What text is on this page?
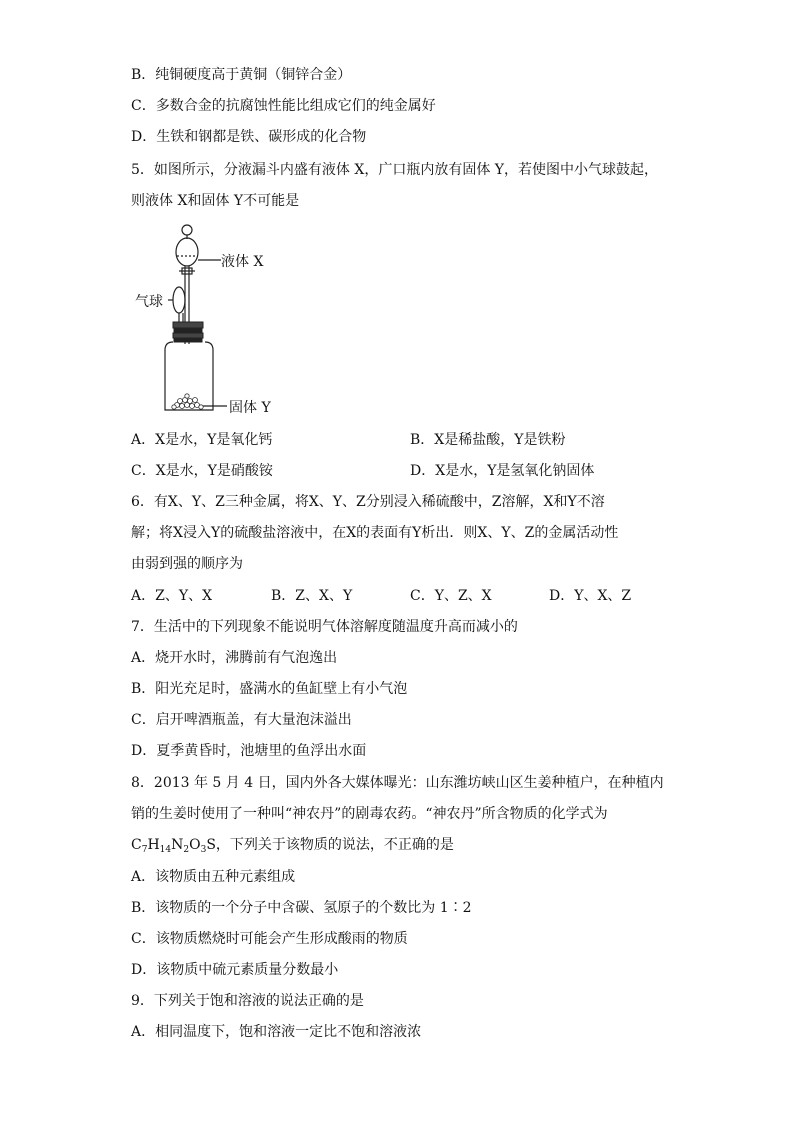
B．纯铜硬度高于黄铜（铜锌合金）
C．多数合金的抗腐蚀性能比组成它们的纯金属好
D．生铁和钢都是铁、碳形成的化合物
5．如图所示，分液漏斗内盛有液体 X，广口瓶内放有固体 Y，若使图中小气球鼓起，
则液体 X和固体 Y不可能是
液体 X
气球
固体 Y
A．X是水，Y是氧化钙	B．X是稀盐酸，Y是铁粉
C．X是水，Y是硝酸铵	D．X是水，Y是氢氧化钠固体
6．有X、Y、Z三种金属，将X、Y、Z分别浸入稀硫酸中，Z溶解，X和Y不溶
解；将X浸入Y的硫酸盐溶液中，在X的表面有Y析出．则X、Y、Z的金属活动性
由弱到强的顺序为
A．Z、Y、X	B．Z、X、Y	C．Y、Z、X	D．Y、X、Z
7．生活中的下列现象不能说明气体溶解度随温度升高而减小的
A．烧开水时，沸腾前有气泡逸出
B．阳光充足时，盛满水的鱼缸壁上有小气泡
C．启开啤酒瓶盖，有大量泡沫溢出
D．夏季黄昏时，池塘里的鱼浮出水面
8．2013 年 5 月 4 日，国内外各大媒体曝光：山东潍坊峡山区生姜种植户，在种植内
销的生姜时使用了一种叫“神农丹”的剧毒农药。“神农丹”所含物质的化学式为
$C_7H_{14}N_2O_3S$，下列关于该物质的说法，不正确的是
A．该物质由五种元素组成
B．该物质的一个分子中含碳、氢原子的个数比为 1∶2
C．该物质燃烧时可能会产生形成酸雨的物质
D．该物质中硫元素质量分数最小
9．下列关于饱和溶液的说法正确的是
A．相同温度下，饱和溶液一定比不饱和溶液浓
